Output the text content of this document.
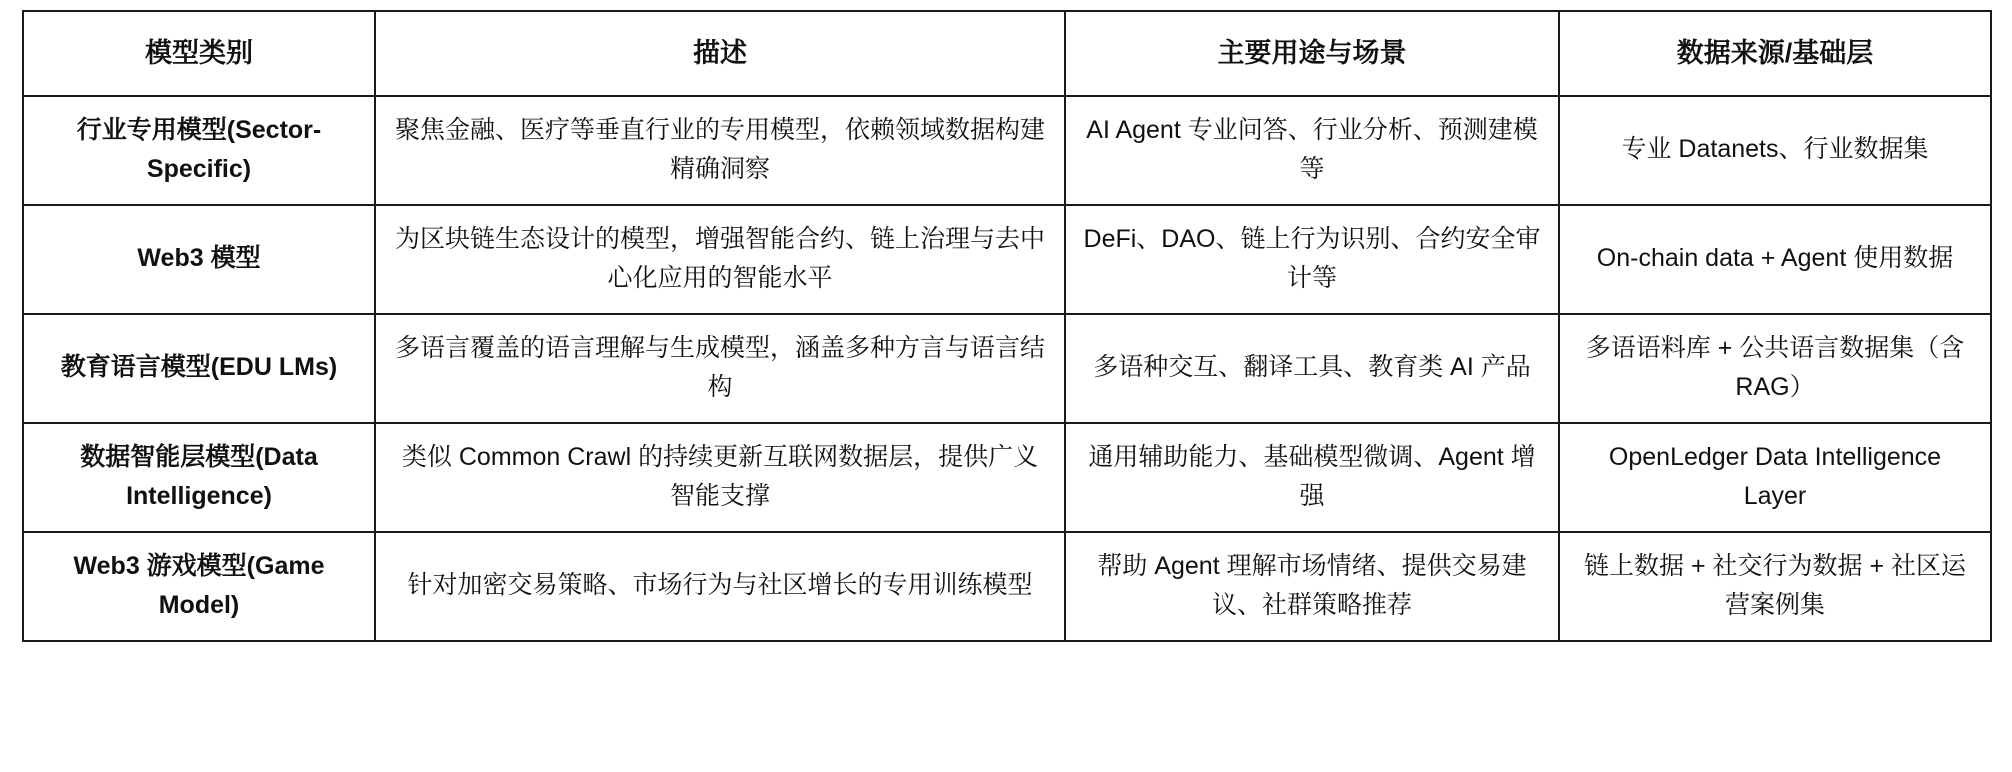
模型类别	描述	主要用途与场景	数据来源/基础层
行业专用模型(Sector-Specific)	聚焦金融、医疗等垂直行业的专用模型，依赖领域数据构建精确洞察	AI Agent 专业问答、行业分析、预测建模等	专业 Datanets、行业数据集
Web3 模型	为区块链生态设计的模型，增强智能合约、链上治理与去中心化应用的智能水平	DeFi、DAO、链上行为识别、合约安全审计等	On-chain data + Agent 使用数据
教育语言模型(EDU LMs)	多语言覆盖的语言理解与生成模型，涵盖多种方言与语言结构	多语种交互、翻译工具、教育类 AI 产品	多语语料库 + 公共语言数据集（含 RAG）
数据智能层模型(Data Intelligence)	类似 Common Crawl 的持续更新互联网数据层，提供广义智能支撑	通用辅助能力、基础模型微调、Agent 增强	OpenLedger Data Intelligence Layer
Web3 游戏模型(Game Model)	针对加密交易策略、市场行为与社区增长的专用训练模型	帮助 Agent 理解市场情绪、提供交易建议、社群策略推荐	链上数据 + 社交行为数据 + 社区运营案例集
